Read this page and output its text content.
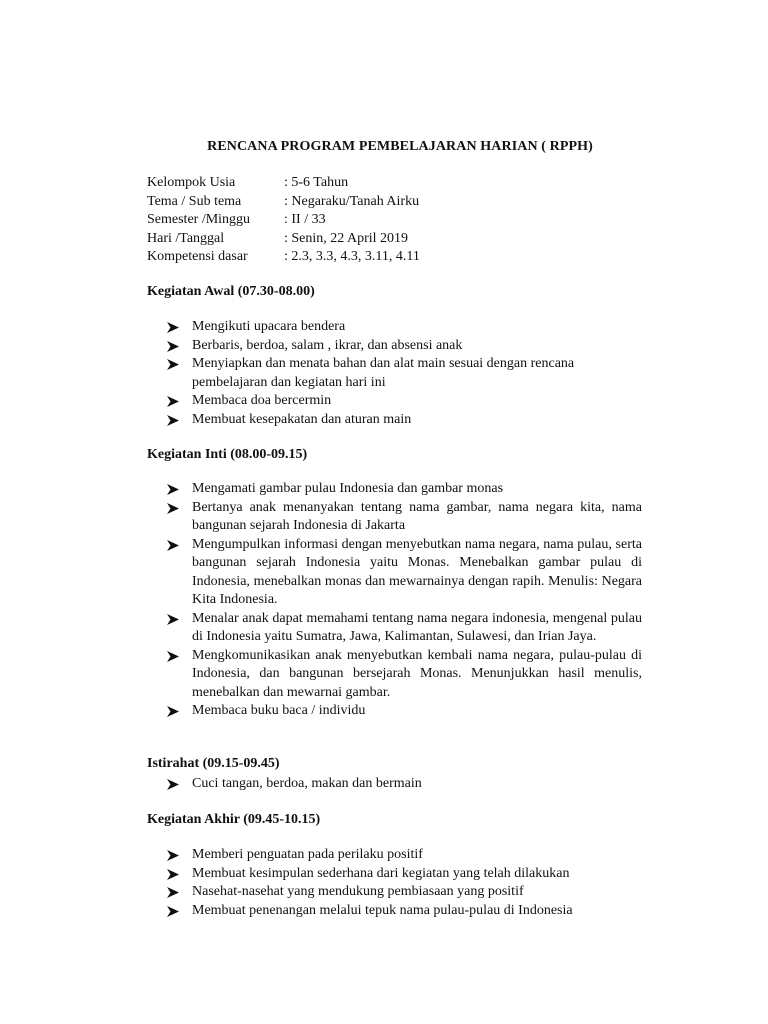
RENCANA PROGRAM PEMBELAJARAN HARIAN ( RPPH)
Kelompok Usia	: 5-6 Tahun
Tema / Sub tema	: Negaraku/Tanah Airku
Semester /Minggu	: II / 33
Hari /Tanggal	: Senin, 22 April 2019
Kompetensi dasar	: 2.3, 3.3, 4.3, 3.11, 4.11
Kegiatan Awal (07.30-08.00)
Mengikuti upacara bendera
Berbaris, berdoa, salam , ikrar, dan absensi anak
Menyiapkan dan menata bahan dan alat main sesuai dengan rencana pembelajaran dan kegiatan hari ini
Membaca doa bercermin
Membuat kesepakatan dan aturan main
Kegiatan Inti (08.00-09.15)
Mengamati gambar pulau Indonesia dan gambar monas
Bertanya anak menanyakan tentang nama gambar, nama negara kita, nama bangunan sejarah Indonesia di Jakarta
Mengumpulkan informasi dengan menyebutkan nama negara, nama pulau, serta bangunan sejarah Indonesia yaitu Monas. Menebalkan gambar pulau di Indonesia, menebalkan monas dan mewarnainya dengan rapih. Menulis: Negara Kita Indonesia.
Menalar anak dapat memahami tentang nama negara indonesia, mengenal pulau di Indonesia yaitu Sumatra, Jawa, Kalimantan, Sulawesi, dan Irian Jaya.
Mengkomunikasikan anak menyebutkan kembali nama negara, pulau-pulau di Indonesia, dan bangunan bersejarah Monas. Menunjukkan hasil menulis, menebalkan dan mewarnai gambar.
Membaca buku baca / individu
Istirahat (09.15-09.45)
Cuci tangan, berdoa, makan dan bermain
Kegiatan Akhir (09.45-10.15)
Memberi penguatan pada perilaku positif
Membuat kesimpulan sederhana dari kegiatan yang telah dilakukan
Nasehat-nasehat yang mendukung pembiasaan yang positif
Membuat penenangan melalui tepuk nama pulau-pulau di Indonesia
